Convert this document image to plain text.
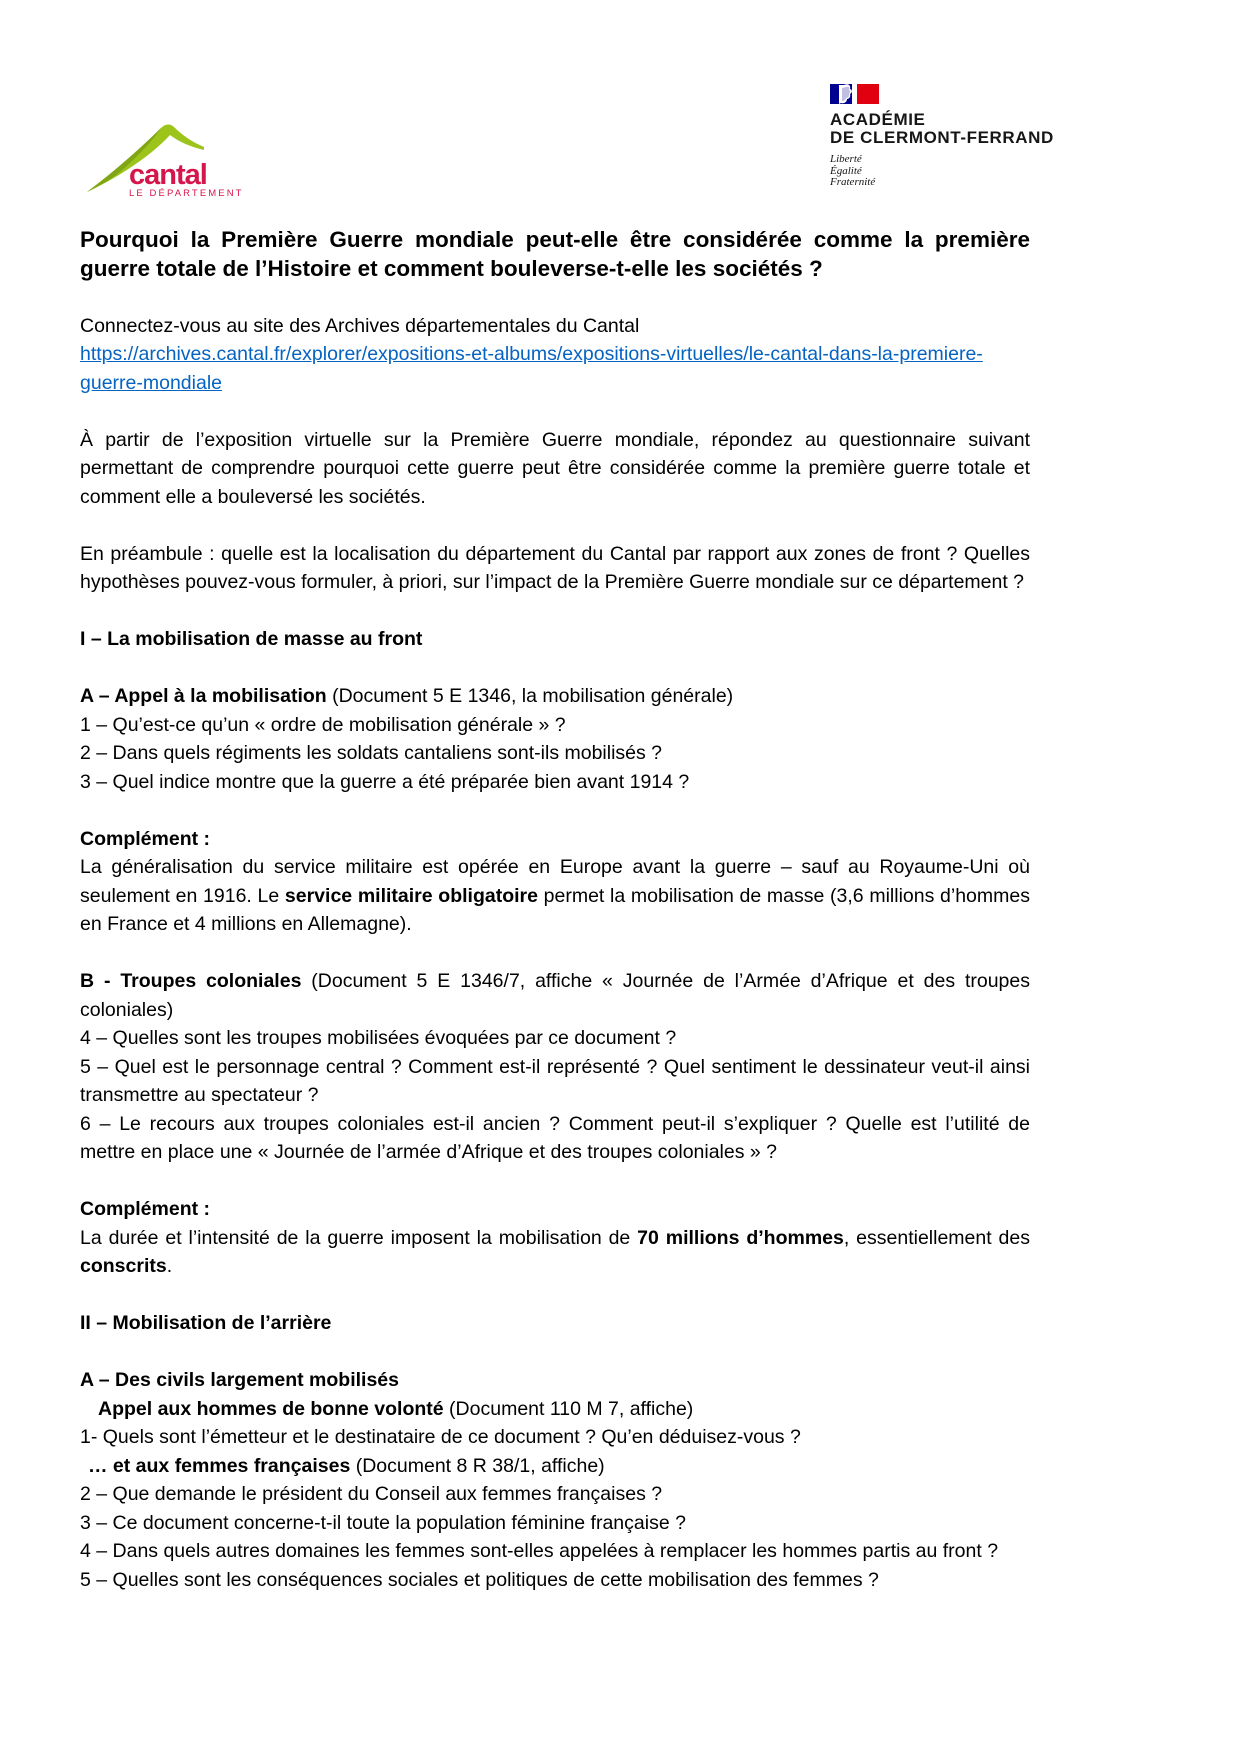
cantal
LE DÉPARTEMENT
ACADÉMIE
DE CLERMONT-FERRAND
Liberté
Égalité
Fraternité
Pourquoi la Première Guerre mondiale peut-elle être considérée comme la première guerre totale de l’Histoire et comment bouleverse-t-elle les sociétés ?

Connectez-vous au site des Archives départementales du Cantal

https://archives.cantal.fr/explorer/expositions-et-albums/expositions-virtuelles/le-cantal-dans-la-premiere-guerre-mondiale

À partir de l’exposition virtuelle sur la Première Guerre mondiale, répondez au questionnaire suivant permettant de comprendre pourquoi cette guerre peut être considérée comme la première guerre totale et comment elle a bouleversé les sociétés.

En préambule : quelle est la localisation du département du Cantal par rapport aux zones de front ? Quelles hypothèses pouvez-vous formuler, à priori, sur l’impact de la Première Guerre mondiale sur ce département ?

I – La mobilisation de masse au front

A – Appel à la mobilisation (Document 5 E 1346, la mobilisation générale)

1 – Qu’est-ce qu’un « ordre de mobilisation générale » ?

2 – Dans quels régiments les soldats cantaliens sont-ils mobilisés ?

3 – Quel indice montre que la guerre a été préparée bien avant 1914 ?

Complément :

La généralisation du service militaire est opérée en Europe avant la guerre – sauf au Royaume-Uni où seulement en 1916. Le service militaire obligatoire permet la mobilisation de masse (3,6 millions d’hommes en France et 4 millions en Allemagne).

B - Troupes coloniales (Document 5 E 1346/7, affiche « Journée de l’Armée d’Afrique et des troupes coloniales)

4 – Quelles sont les troupes mobilisées évoquées par ce document ?

5 – Quel est le personnage central ? Comment est-il représenté ? Quel sentiment le dessinateur veut-il ainsi transmettre au spectateur ?

6 – Le recours aux troupes coloniales est-il ancien ? Comment peut-il s’expliquer ? Quelle est l’utilité de mettre en place une « Journée de l’armée d’Afrique et des troupes coloniales » ?

Complément :

La durée et l’intensité de la guerre imposent la mobilisation de 70 millions d’hommes, essentiellement des conscrits.

II – Mobilisation de l’arrière

A – Des civils largement mobilisés

Appel aux hommes de bonne volonté (Document 110 M 7, affiche)

1- Quels sont l’émetteur et le destinataire de ce document ? Qu’en déduisez-vous ?

… et aux femmes françaises (Document 8 R 38/1, affiche)

2 – Que demande le président du Conseil aux femmes françaises ?

3 – Ce document concerne-t-il toute la population féminine française ?

4 – Dans quels autres domaines les femmes sont-elles appelées à remplacer les hommes partis au front ?

5 – Quelles sont les conséquences sociales et politiques de cette mobilisation des femmes ?
